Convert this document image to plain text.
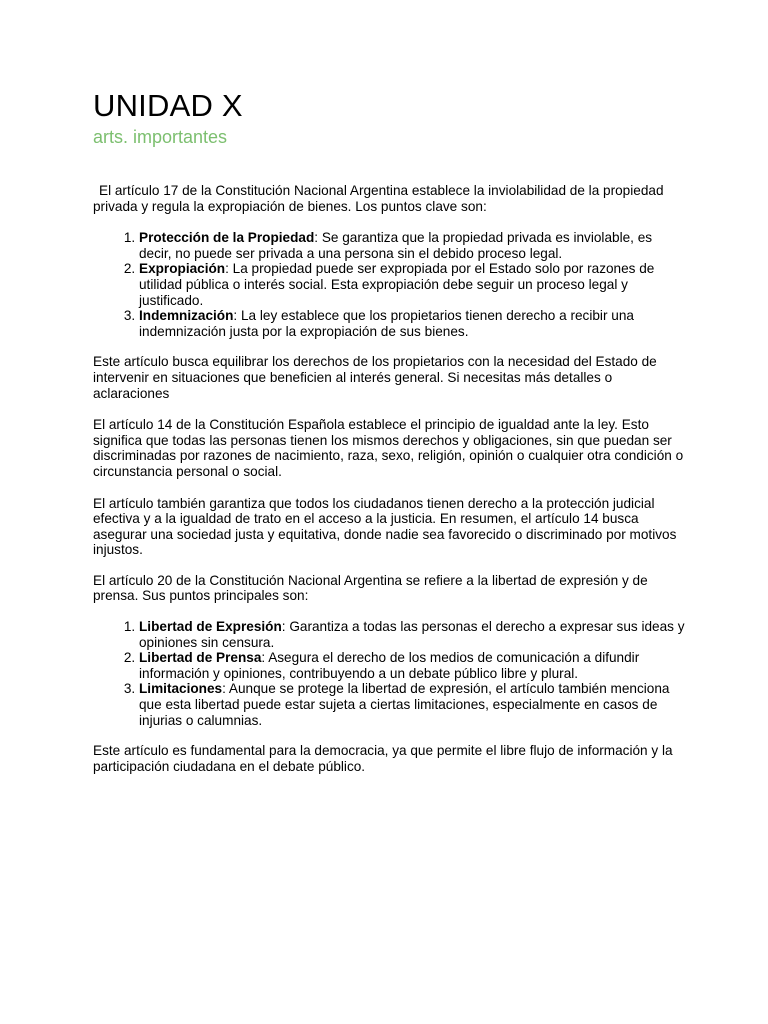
UNIDAD X
arts. importantes

El artículo 17 de la Constitución Nacional Argentina establece la inviolabilidad de la propiedad privada y regula la expropiación de bienes. Los puntos clave son:

1. Protección de la Propiedad: Se garantiza que la propiedad privada es inviolable, es decir, no puede ser privada a una persona sin el debido proceso legal.
2. Expropiación: La propiedad puede ser expropiada por el Estado solo por razones de utilidad pública o interés social. Esta expropiación debe seguir un proceso legal y justificado.
3. Indemnización: La ley establece que los propietarios tienen derecho a recibir una indemnización justa por la expropiación de sus bienes.

Este artículo busca equilibrar los derechos de los propietarios con la necesidad del Estado de intervenir en situaciones que beneficien al interés general. Si necesitas más detalles o aclaraciones

El artículo 14 de la Constitución Española establece el principio de igualdad ante la ley. Esto significa que todas las personas tienen los mismos derechos y obligaciones, sin que puedan ser discriminadas por razones de nacimiento, raza, sexo, religión, opinión o cualquier otra condición o circunstancia personal o social.

El artículo también garantiza que todos los ciudadanos tienen derecho a la protección judicial efectiva y a la igualdad de trato en el acceso a la justicia. En resumen, el artículo 14 busca asegurar una sociedad justa y equitativa, donde nadie sea favorecido o discriminado por motivos injustos.

El artículo 20 de la Constitución Nacional Argentina se refiere a la libertad de expresión y de prensa. Sus puntos principales son:

1. Libertad de Expresión: Garantiza a todas las personas el derecho a expresar sus ideas y opiniones sin censura.
2. Libertad de Prensa: Asegura el derecho de los medios de comunicación a difundir información y opiniones, contribuyendo a un debate público libre y plural.
3. Limitaciones: Aunque se protege la libertad de expresión, el artículo también menciona que esta libertad puede estar sujeta a ciertas limitaciones, especialmente en casos de injurias o calumnias.

Este artículo es fundamental para la democracia, ya que permite el libre flujo de información y la participación ciudadana en el debate público.
